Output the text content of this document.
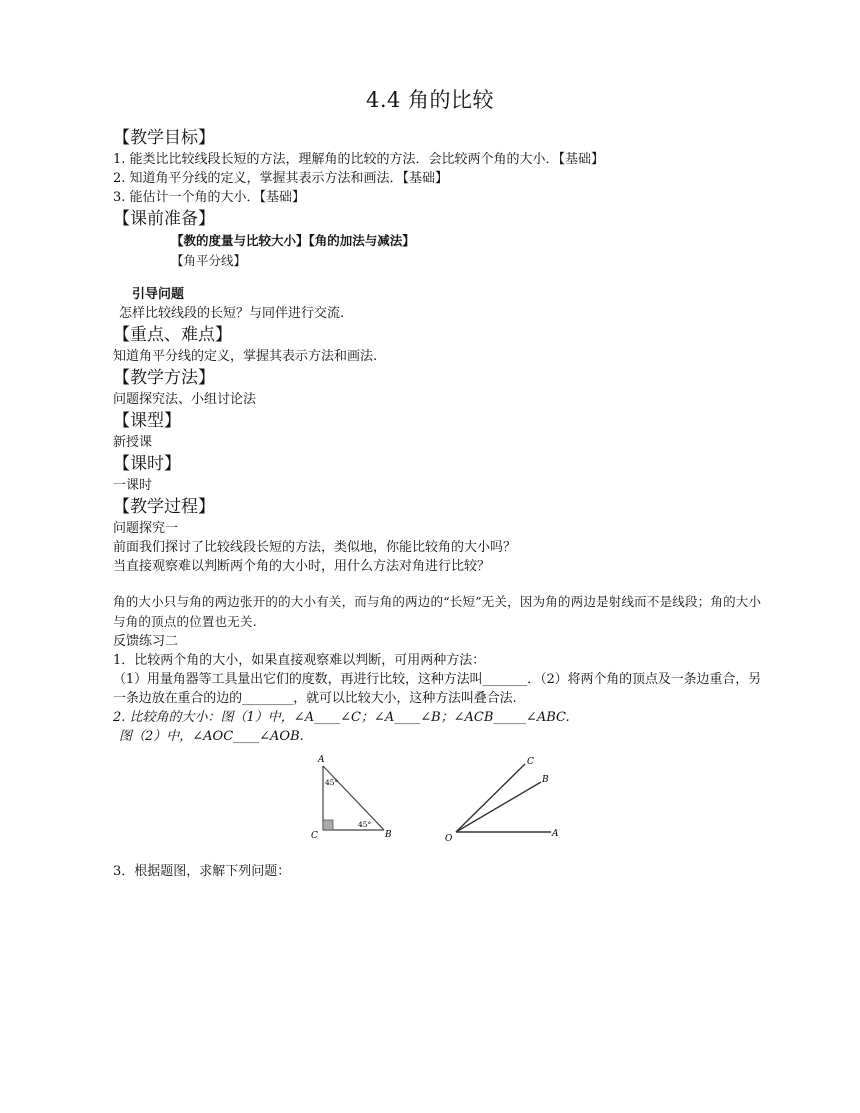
4.4 角的比较
【教学目标】
1. 能类比比较线段长短的方法，理解角的比较的方法．会比较两个角的大小．【基础】
2. 知道角平分线的定义，掌握其表示方法和画法．【基础】
3. 能估计一个角的大小．【基础】
【课前准备】
【教的度量与比较大小】【角的加法与减法】
【角平分线】
引导问题
怎样比较线段的长短？与同伴进行交流.
【重点、难点】
知道角平分线的定义，掌握其表示方法和画法.
【教学方法】
问题探究法、小组讨论法
【课型】
新授课
【课时】
一课时
【教学过程】
问题探究一
前面我们探讨了比较线段长短的方法，类似地，你能比较角的大小吗？
当直接观察难以判断两个角的大小时，用什么方法对角进行比较？
角的大小只与角的两边张开的的大小有关，而与角的两边的“长短”无关，因为角的两边是射线而不是线段；角的大小与角的顶点的位置也无关.
反馈练习二
1．比较两个角的大小，如果直接观察难以判断，可用两种方法：
（1）用量角器等工具量出它们的度数，再进行比较，这种方法叫_______．（2）将两个角的顶点及一条边重合，另一条边放在重合的边的________，就可以比较大小，这种方法叫叠合法.
2. 比较角的大小：图（1）中，∠A____∠C；∠A____∠B；∠ACB_____∠ABC.
图（2）中，∠AOC____∠AOB.
A
B
C
45°
45°
O	A
B
C
3．根据题图，求解下列问题：
